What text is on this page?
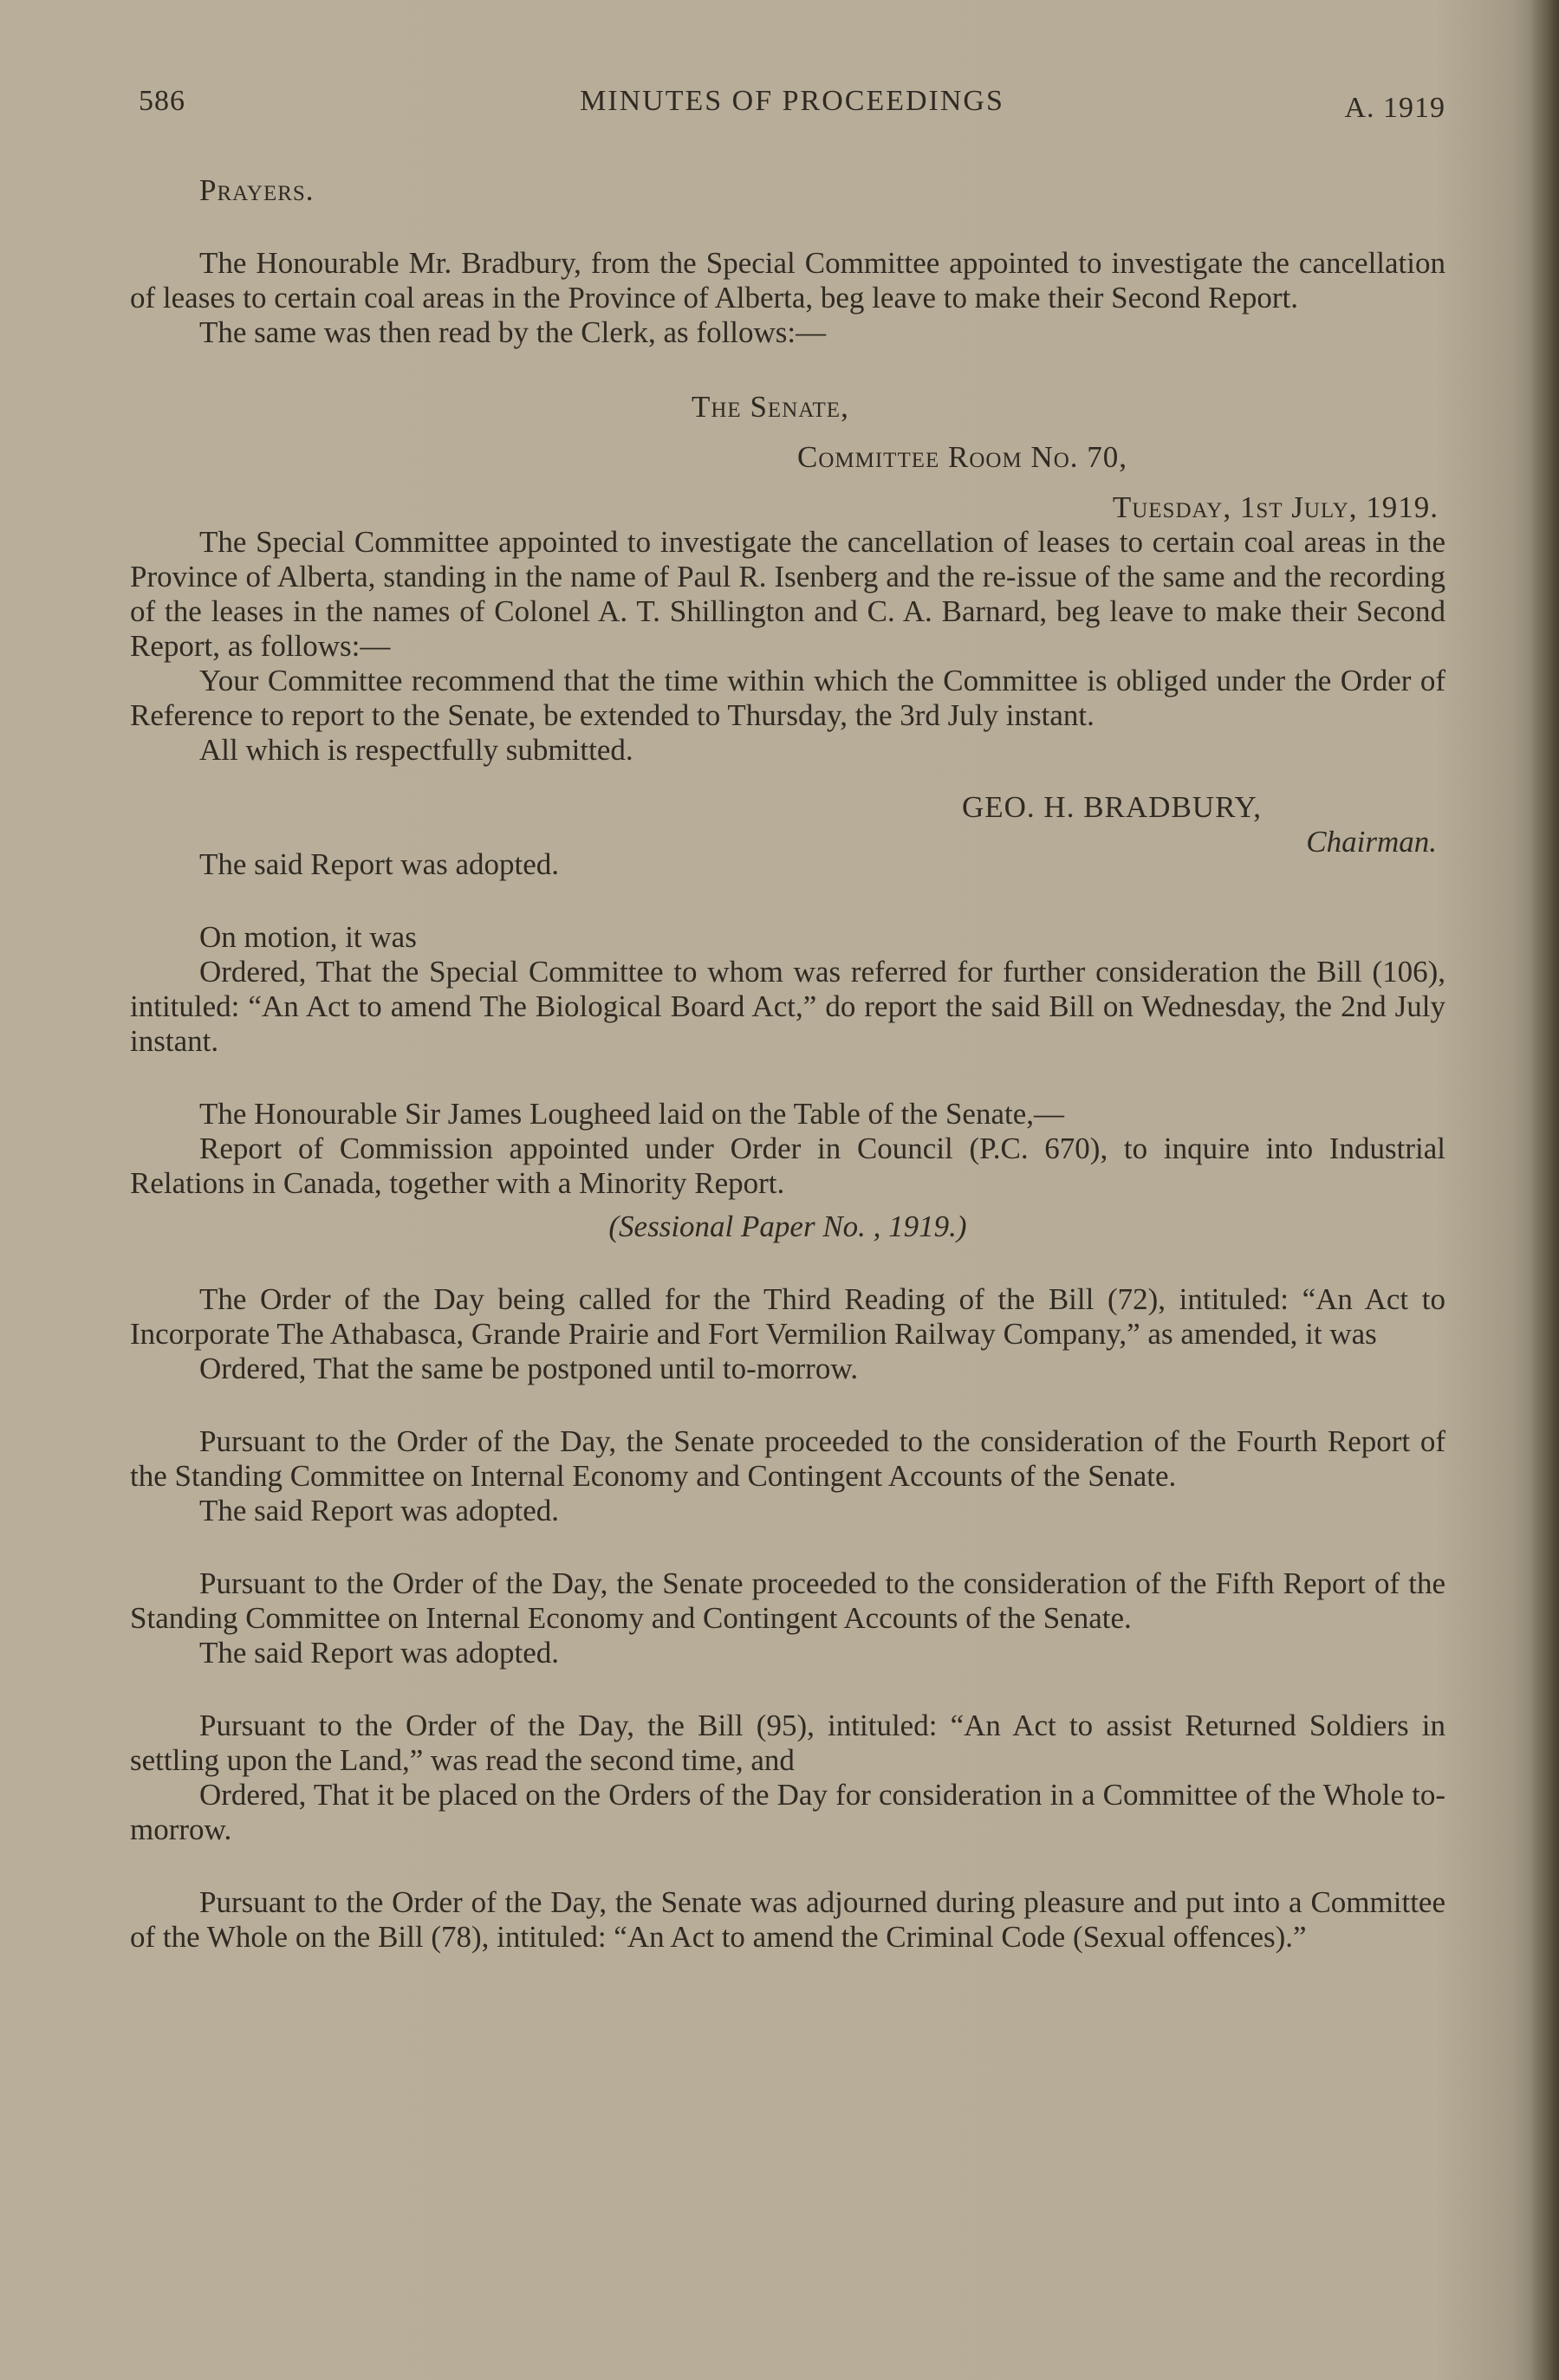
586	MINUTES OF PROCEEDINGS	A. 1919

Prayers.

The Honourable Mr. Bradbury, from the Special Committee appointed to investigate the cancellation of leases to certain coal areas in the Province of Alberta, beg leave to make their Second Report.

The same was then read by the Clerk, as follows:—

The Senate,

Committee Room No. 70,

Tuesday, 1st July, 1919.

The Special Committee appointed to investigate the cancellation of leases to certain coal areas in the Province of Alberta, standing in the name of Paul R. Isenberg and the re-issue of the same and the recording of the leases in the names of Colonel A. T. Shillington and C. A. Barnard, beg leave to make their Second Report, as follows:—

Your Committee recommend that the time within which the Committee is obliged under the Order of Reference to report to the Senate, be extended to Thursday, the 3rd July instant.

All which is respectfully submitted.

GEO. H. BRADBURY,

Chairman.

The said Report was adopted.

On motion, it was

Ordered, That the Special Committee to whom was referred for further consideration the Bill (106), intituled: “An Act to amend The Biological Board Act,” do report the said Bill on Wednesday, the 2nd July instant.

The Honourable Sir James Lougheed laid on the Table of the Senate,—

Report of Commission appointed under Order in Council (P.C. 670), to inquire into Industrial Relations in Canada, together with a Minority Report.

(Sessional Paper No. , 1919.)

The Order of the Day being called for the Third Reading of the Bill (72), intituled: “An Act to Incorporate The Athabasca, Grande Prairie and Fort Vermilion Railway Company,” as amended, it was

Ordered, That the same be postponed until to-morrow.

Pursuant to the Order of the Day, the Senate proceeded to the consideration of the Fourth Report of the Standing Committee on Internal Economy and Contingent Accounts of the Senate.

The said Report was adopted.

Pursuant to the Order of the Day, the Senate proceeded to the consideration of the Fifth Report of the Standing Committee on Internal Economy and Contingent Accounts of the Senate.

The said Report was adopted.

Pursuant to the Order of the Day, the Bill (95), intituled: “An Act to assist Returned Soldiers in settling upon the Land,” was read the second time, and

Ordered, That it be placed on the Orders of the Day for consideration in a Committee of the Whole to-morrow.

Pursuant to the Order of the Day, the Senate was adjourned during pleasure and put into a Committee of the Whole on the Bill (78), intituled: “An Act to amend the Criminal Code (Sexual offences).”
